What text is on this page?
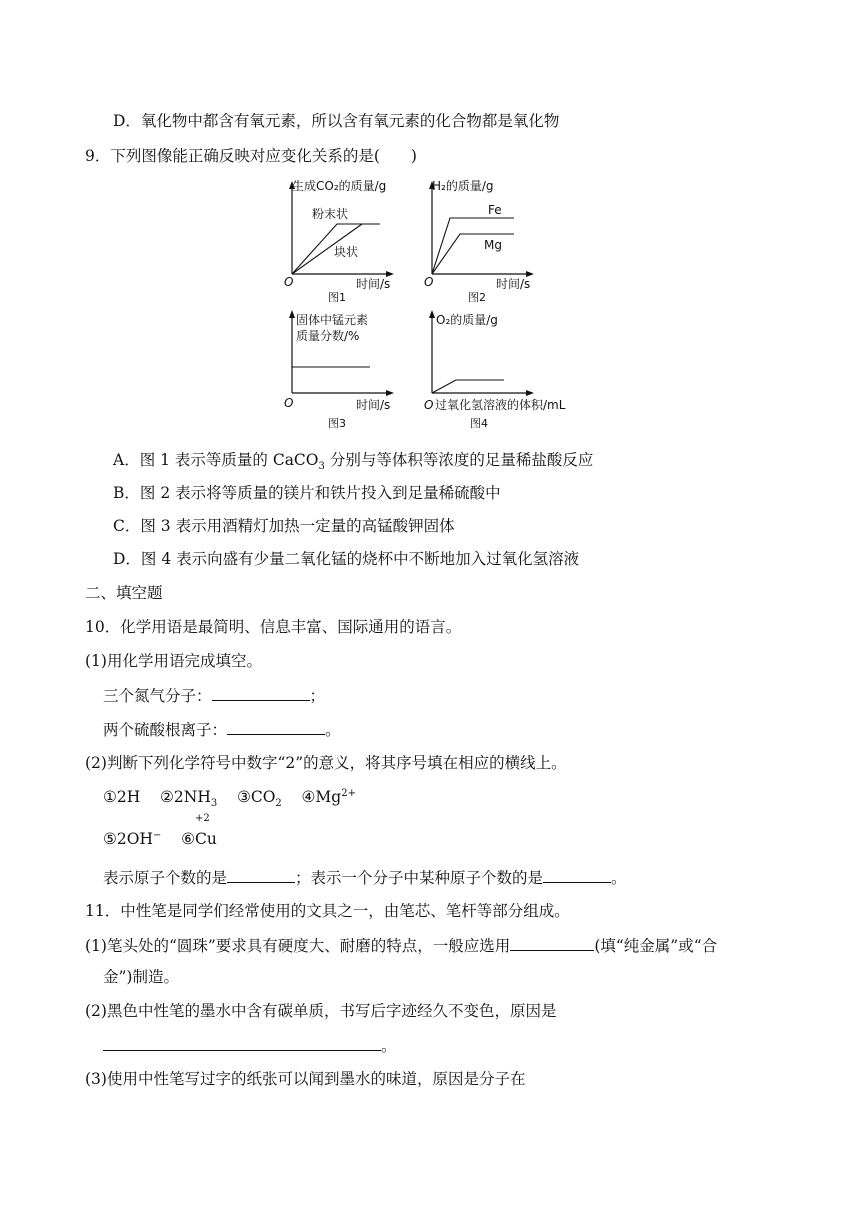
D．氧化物中都含有氧元素，所以含有氧元素的化合物都是氧化物
9．下列图像能正确反映对应变化关系的是(　　)
生成CO₂的质量/g
粉末状
块状
O	时间/s
图1
H₂的质量/g
Fe
Mg
O	时间/s
图2
固体中锰元素
质量分数/%
O	时间/s
图3
O₂的质量/g
O 过氧化氢溶液的体积/mL
图4
A．图 1 表示等质量的 CaCO$_3$ 分别与等体积等浓度的足量稀盐酸反应
B．图 2 表示将等质量的镁片和铁片投入到足量稀硫酸中
C．图 3 表示用酒精灯加热一定量的高锰酸钾固体
D．图 4 表示向盛有少量二氧化锰的烧杯中不断地加入过氧化氢溶液
二、填空题
10．化学用语是最简明、信息丰富、国际通用的语言。
(1)用化学用语完成填空。
三个氮气分子：	；
两个硫酸根离子：	。
(2)判断下列化学符号中数字“2”的意义，将其序号填在相应的横线上。
①2H $②2NH_3$ $③CO_2$ $④Mg^{2+}$
⑤2OH− ⑥
+2
Cu
表示原子个数的是	；表示一个分子中某种原子个数的是	。
11．中性笔是同学们经常使用的文具之一，由笔芯、笔杆等部分组成。
(1)笔头处的“圆珠”要求具有硬度大、耐磨的特点，一般应选用	(填“纯金属”或“合
金”)制造。
(2)黑色中性笔的墨水中含有碳单质，书写后字迹经久不变色，原因是
。
(3)使用中性笔写过字的纸张可以闻到墨水的味道，原因是分子在
